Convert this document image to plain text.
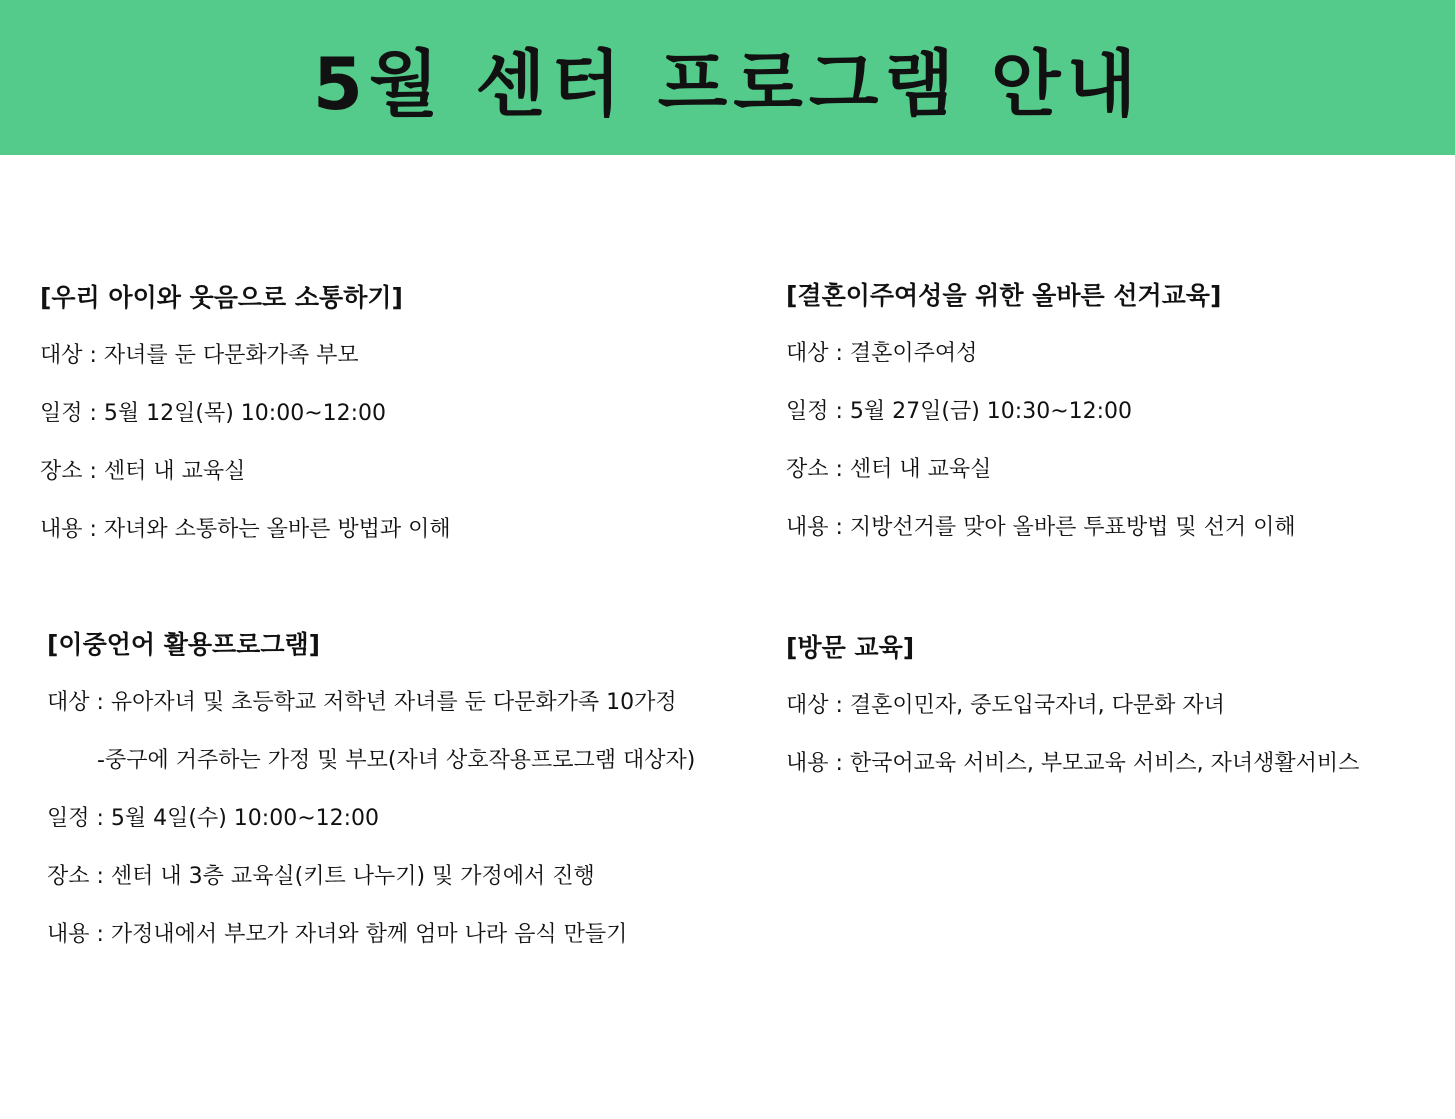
5월 센터 프로그램 안내
[우리 아이와 웃음으로 소통하기]
대상 : 자녀를 둔 다문화가족 부모
일정 : 5월 12일(목) 10:00~12:00
장소 : 센터 내 교육실
내용 : 자녀와 소통하는 올바른 방법과 이해
[결혼이주여성을 위한 올바른 선거교육]
대상 : 결혼이주여성
일정 : 5월 27일(금) 10:30~12:00
장소 : 센터 내 교육실
내용 : 지방선거를 맞아 올바른 투표방법 및 선거 이해
[이중언어 활용프로그램]
대상 : 유아자녀 및 초등학교 저학년 자녀를 둔 다문화가족 10가정
-중구에 거주하는 가정 및 부모(자녀 상호작용프로그램 대상자)
일정 : 5월 4일(수) 10:00~12:00
장소 : 센터 내 3층 교육실(키트 나누기) 및 가정에서 진행
내용 : 가정내에서 부모가 자녀와 함께 엄마 나라 음식 만들기
[방문 교육]
대상 : 결혼이민자, 중도입국자녀, 다문화 자녀
내용 : 한국어교육 서비스, 부모교육 서비스, 자녀생활서비스
